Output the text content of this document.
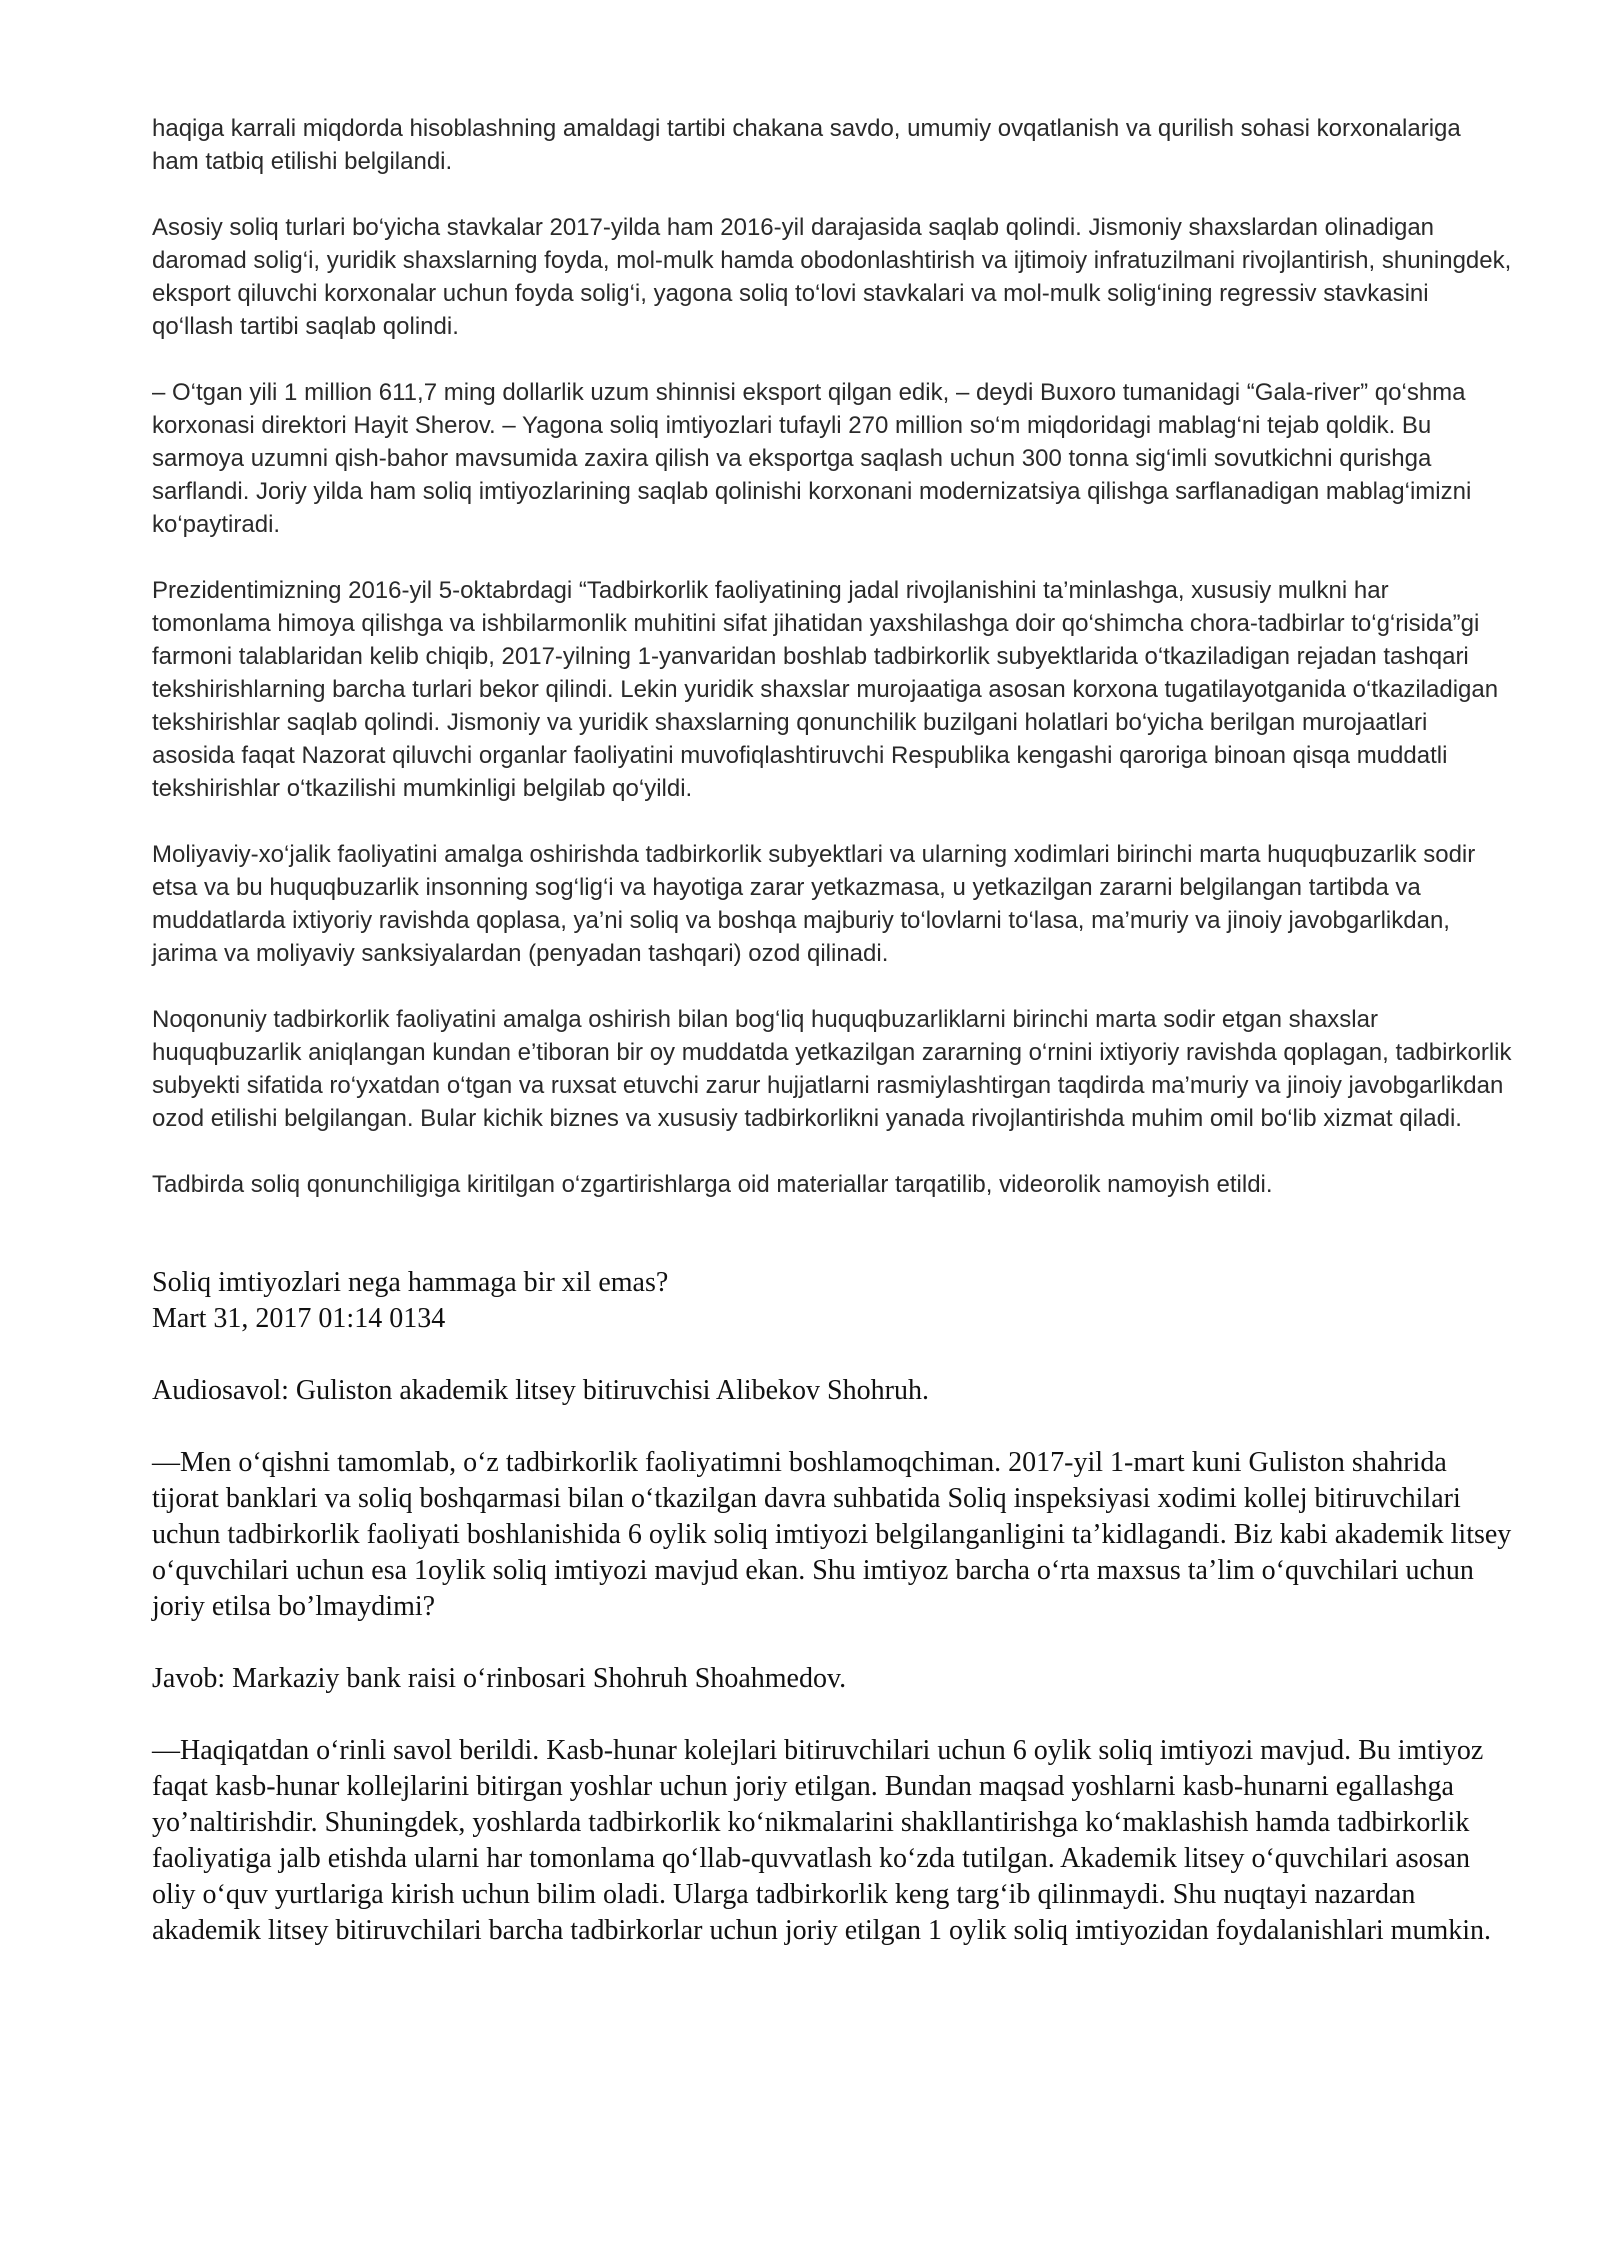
haqiga karrali miqdorda hisoblashning amaldagi tartibi chakana savdo, umumiy ovqatlanish va qurilish sohasi korxonalariga ham tatbiq etilishi belgilandi.

Asosiy soliq turlari bo‘yicha stavkalar 2017-yilda ham 2016-yil darajasida saqlab qolindi. Jismoniy shaxslardan olinadigan daromad solig‘i, yuridik shaxslarning foyda, mol-mulk hamda obodonlashtirish va ijtimoiy infratuzilmani rivojlantirish, shuningdek, eksport qiluvchi korxonalar uchun foyda solig‘i, yagona soliq to‘lovi stavkalari va mol-mulk solig‘ining regressiv stavkasini qo‘llash tartibi saqlab qolindi.

– O‘tgan yili 1 million 611,7 ming dollarlik uzum shinnisi eksport qilgan edik, – deydi Buxoro tumanidagi “Gala-river” qo‘shma korxonasi direktori Hayit Sherov. – Yagona soliq imtiyozlari tufayli 270 million so‘m miqdoridagi mablag‘ni tejab qoldik. Bu sarmoya uzumni qish-bahor mavsumida zaxira qilish va eksportga saqlash uchun 300 tonna sig‘imli sovutkichni qurishga sarflandi. Joriy yilda ham soliq imtiyozlarining saqlab qolinishi korxonani modernizatsiya qilishga sarflanadigan mablag‘imizni ko‘paytiradi.

Prezidentimizning 2016-yil 5-oktabrdagi “Tadbirkorlik faoliyatining jadal rivojlanishini ta’minlashga, xususiy mulkni har tomonlama himoya qilishga va ishbilarmonlik muhitini sifat jihatidan yaxshilashga doir qo‘shimcha chora-tadbirlar to‘g‘risida”gi farmoni talablaridan kelib chiqib, 2017-yilning 1-yanvaridan boshlab tadbirkorlik subyektlarida o‘tkaziladigan rejadan tashqari tekshirishlarning barcha turlari bekor qilindi. Lekin yuridik shaxslar murojaatiga asosan korxona tugatilayotganida o‘tkaziladigan tekshirishlar saqlab qolindi. Jismoniy va yuridik shaxslarning qonunchilik buzilgani holatlari bo‘yicha berilgan murojaatlari asosida faqat Nazorat qiluvchi organlar faoliyatini muvofiqlashtiruvchi Respublika kengashi qaroriga binoan qisqa muddatli tekshirishlar o‘tkazilishi mumkinligi belgilab qo‘yildi.

Moliyaviy-xo‘jalik faoliyatini amalga oshirishda tadbirkorlik subyektlari va ularning xodimlari birinchi marta huquqbuzarlik sodir etsa va bu huquqbuzarlik insonning sog‘lig‘i va hayotiga zarar yetkazmasa, u yetkazilgan zararni belgilangan tartibda va muddatlarda ixtiyoriy ravishda qoplasa, ya’ni soliq va boshqa majburiy to‘lovlarni to‘lasa, ma’muriy va jinoiy javobgarlikdan, jarima va moliyaviy sanksiyalardan (penyadan tashqari) ozod qilinadi.

Noqonuniy tadbirkorlik faoliyatini amalga oshirish bilan bog‘liq huquqbuzarliklarni birinchi marta sodir etgan shaxslar huquqbuzarlik aniqlangan kundan e’tiboran bir oy muddatda yetkazilgan zararning o‘rnini ixtiyoriy ravishda qoplagan, tadbirkorlik subyekti sifatida ro‘yxatdan o‘tgan va ruxsat etuvchi zarur hujjatlarni rasmiylashtirgan taqdirda ma’muriy va jinoiy javobgarlikdan ozod etilishi belgilangan. Bular kichik biznes va xususiy tadbirkorlikni yanada rivojlantirishda muhim omil bo‘lib xizmat qiladi.

Tadbirda soliq qonunchiligiga kiritilgan o‘zgartirishlarga oid materiallar tarqatilib, videorolik namoyish etildi.

Soliq imtiyozlari nega hammaga bir xil emas?
Mart 31, 2017 01:14 0134

Audiosavol: Guliston akademik litsey bitiruvchisi Alibekov Shohruh.

—Men o‘qishni tamomlab, o‘z tadbirkorlik faoliyatimni boshlamoqchiman. 2017-yil 1-mart kuni Guliston shahrida tijorat banklari va soliq boshqarmasi bilan o‘tkazilgan davra suhbatida Soliq inspeksiyasi xodimi kollej bitiruvchilari uchun tadbirkorlik faoliyati boshlanishida 6 oylik soliq imtiyozi belgilanganligini ta’kidlagandi. Biz kabi akademik litsey o‘quvchilari uchun esa 1oylik soliq imtiyozi mavjud ekan. Shu imtiyoz barcha o‘rta maxsus ta’lim o‘quvchilari uchun joriy etilsa bo’lmaydimi?

Javob: Markaziy bank raisi o‘rinbosari Shohruh Shoahmedov.

—Haqiqatdan o‘rinli savol berildi. Kasb-hunar kolejlari bitiruvchilari uchun 6 oylik soliq imtiyozi mavjud. Bu imtiyoz faqat kasb-hunar kollejlarini bitirgan yoshlar uchun joriy etilgan. Bundan maqsad yoshlarni kasb-hunarni egallashga yo’naltirishdir. Shuningdek, yoshlarda tadbirkorlik ko‘nikmalarini shakllantirishga ko‘maklashish hamda tadbirkorlik faoliyatiga jalb etishda ularni har tomonlama qo‘llab-quvvatlash ko‘zda tutilgan. Akademik litsey o‘quvchilari asosan oliy o‘quv yurtlariga kirish uchun bilim oladi. Ularga tadbirkorlik keng targ‘ib qilinmaydi. Shu nuqtayi nazardan akademik litsey bitiruvchilari barcha tadbirkorlar uchun joriy etilgan 1 oylik soliq imtiyozidan foydalanishlari mumkin.
